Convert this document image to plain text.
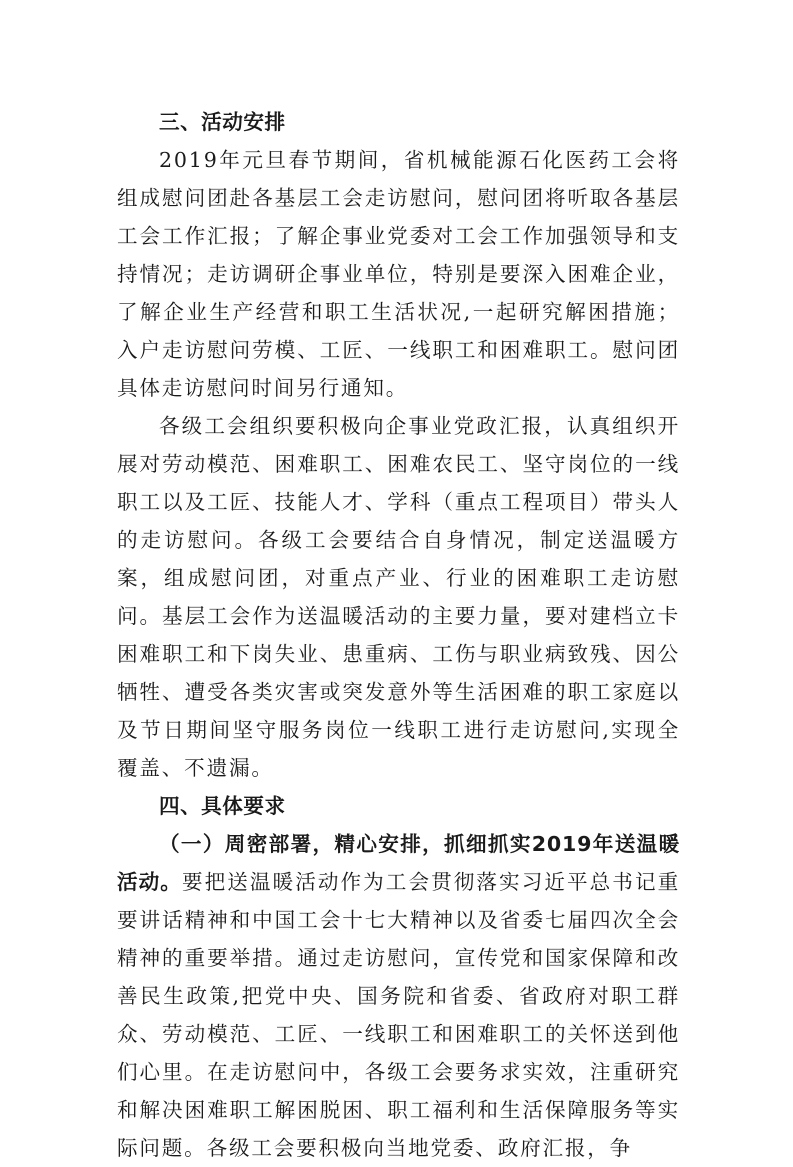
三、活动安排

2019年元旦春节期间，省机械能源石化医药工会将组成慰问团赴各基层工会走访慰问，慰问团将听取各基层工会工作汇报；了解企事业党委对工会工作加强领导和支持情况；走访调研企事业单位，特别是要深入困难企业，了解企业生产经营和职工生活状况,一起研究解困措施；入户走访慰问劳模、工匠、一线职工和困难职工。慰问团具体走访慰问时间另行通知。

各级工会组织要积极向企事业党政汇报，认真组织开展对劳动模范、困难职工、困难农民工、坚守岗位的一线职工以及工匠、技能人才、学科（重点工程项目）带头人的走访慰问。各级工会要结合自身情况，制定送温暖方案，组成慰问团，对重点产业、行业的困难职工走访慰问。基层工会作为送温暖活动的主要力量，要对建档立卡困难职工和下岗失业、患重病、工伤与职业病致残、因公牺牲、遭受各类灾害或突发意外等生活困难的职工家庭以及节日期间坚守服务岗位一线职工进行走访慰问,实现全覆盖、不遗漏。

四、具体要求

（一）周密部署，精心安排，抓细抓实2019年送温暖活动。要把送温暖活动作为工会贯彻落实习近平总书记重要讲话精神和中国工会十七大精神以及省委七届四次全会精神的重要举措。通过走访慰问，宣传党和国家保障和改善民生政策,把党中央、国务院和省委、省政府对职工群众、劳动模范、工匠、一线职工和困难职工的关怀送到他们心里。在走访慰问中，各级工会要务求实效，注重研究和解决困难职工解困脱困、职工福利和生活保障服务等实际问题。各级工会要积极向当地党委、政府汇报，争
